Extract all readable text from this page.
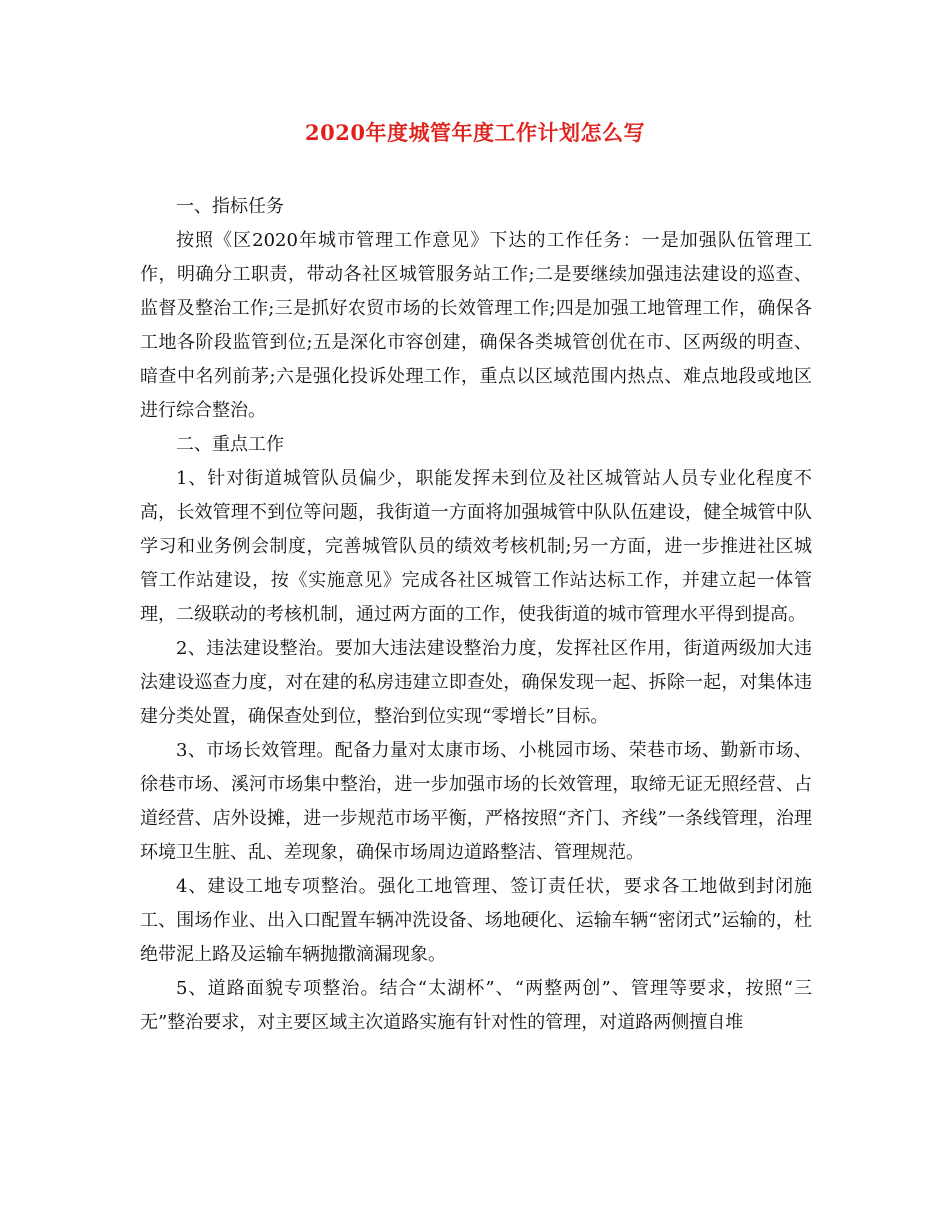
2020年度城管年度工作计划怎么写

一、指标任务

按照《区2020年城市管理工作意见》下达的工作任务：一是加强队伍管理工作，明确分工职责，带动各社区城管服务站工作;二是要继续加强违法建设的巡查、监督及整治工作;三是抓好农贸市场的长效管理工作;四是加强工地管理工作，确保各工地各阶段监管到位;五是深化市容创建，确保各类城管创优在市、区两级的明查、暗查中名列前茅;六是强化投诉处理工作，重点以区域范围内热点、难点地段或地区进行综合整治。

二、重点工作

1、针对街道城管队员偏少，职能发挥未到位及社区城管站人员专业化程度不高，长效管理不到位等问题，我街道一方面将加强城管中队队伍建设，健全城管中队学习和业务例会制度，完善城管队员的绩效考核机制;另一方面，进一步推进社区城管工作站建设，按《实施意见》完成各社区城管工作站达标工作，并建立起一体管理，二级联动的考核机制，通过两方面的工作，使我街道的城市管理水平得到提高。

2、违法建设整治。要加大违法建设整治力度，发挥社区作用，街道两级加大违法建设巡查力度，对在建的私房违建立即查处，确保发现一起、拆除一起，对集体违建分类处置，确保查处到位，整治到位实现“零增长”目标。

3、市场长效管理。配备力量对太康市场、小桃园市场、荣巷市场、勤新市场、徐巷市场、溪河市场集中整治，进一步加强市场的长效管理，取缔无证无照经营、占道经营、店外设摊，进一步规范市场平衡，严格按照“齐门、齐线”一条线管理，治理环境卫生脏、乱、差现象，确保市场周边道路整洁、管理规范。

4、建设工地专项整治。强化工地管理、签订责任状，要求各工地做到封闭施工、围场作业、出入口配置车辆冲洗设备、场地硬化、运输车辆“密闭式”运输的，杜绝带泥上路及运输车辆抛撒滴漏现象。

5、道路面貌专项整治。结合“太湖杯”、“两整两创”、管理等要求，按照“三无”整治要求，对主要区域主次道路实施有针对性的管理，对道路两侧擅自堆
